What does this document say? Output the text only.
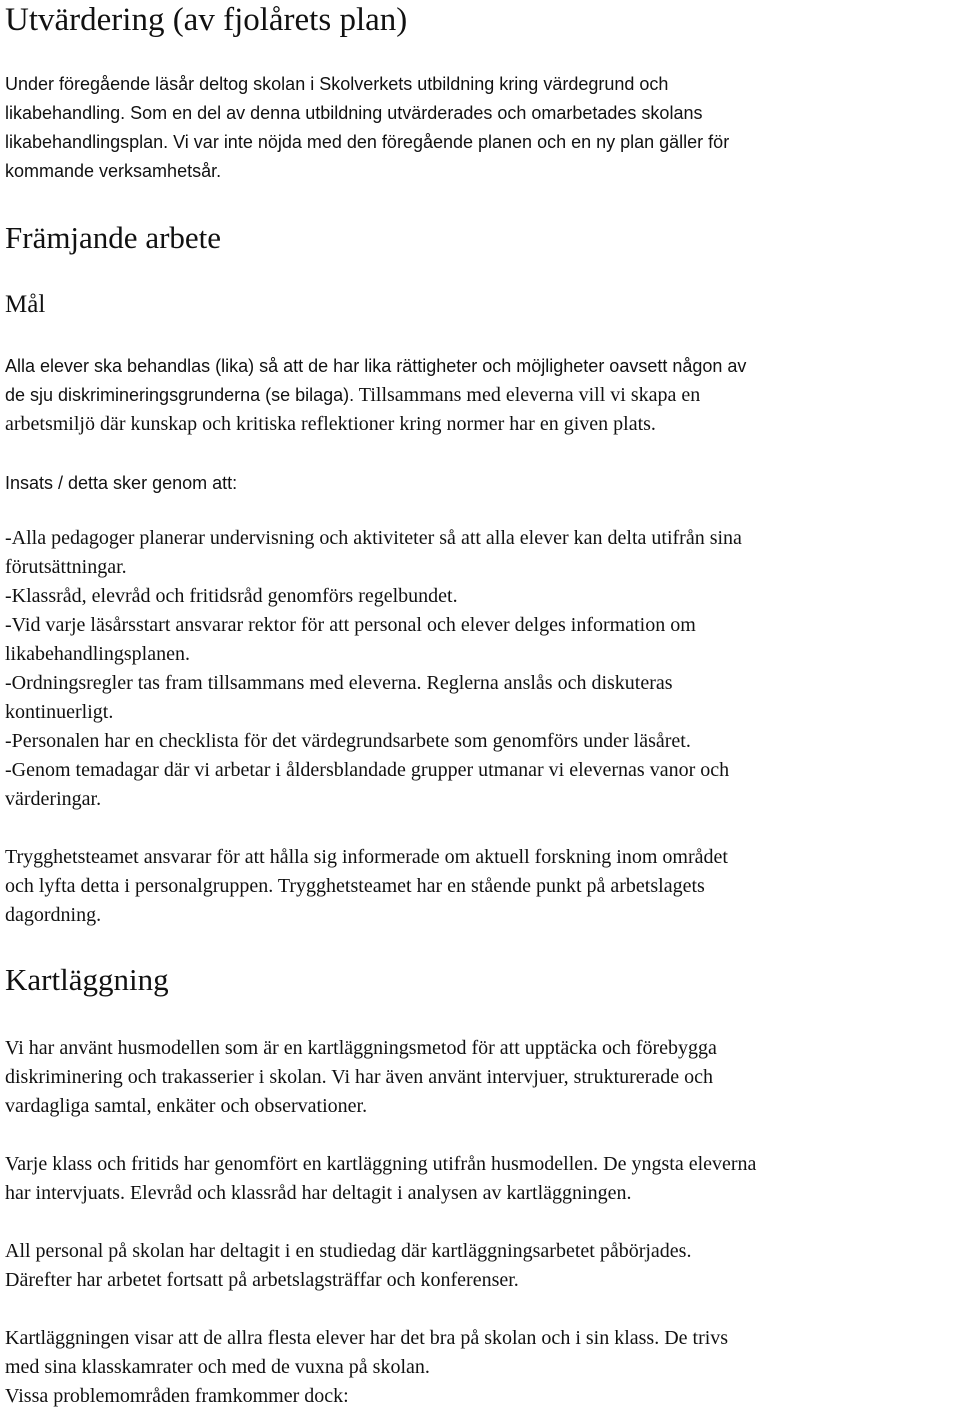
Utvärdering (av fjolårets plan)

Under föregående läsår deltog skolan i Skolverkets utbildning kring värdegrund och
likabehandling. Som en del av denna utbildning utvärderades och omarbetades skolans
likabehandlingsplan. Vi var inte nöjda med den föregående planen och en ny plan gäller för
kommande verksamhetsår.

Främjande arbete
Mål

Alla elever ska behandlas (lika) så att de har lika rättigheter och möjligheter oavsett någon av
de sju diskrimineringsgrunderna (se bilaga). Tillsammans med eleverna vill vi skapa en
arbetsmiljö där kunskap och kritiska reflektioner kring normer har en given plats.

Insats / detta sker genom att:

-Alla pedagoger planerar undervisning och aktiviteter så att alla elever kan delta utifrån sina
förutsättningar.
-Klassråd, elevråd och fritidsråd genomförs regelbundet.
-Vid varje läsårsstart ansvarar rektor för att personal och elever delges information om
likabehandlingsplanen.
-Ordningsregler tas fram tillsammans med eleverna. Reglerna anslås och diskuteras
kontinuerligt.
-Personalen har en checklista för det värdegrundsarbete som genomförs under läsåret.
-Genom temadagar där vi arbetar i åldersblandade grupper utmanar vi elevernas vanor och
värderingar.

Trygghetsteamet ansvarar för att hålla sig informerade om aktuell forskning inom området
och lyfta detta i personalgruppen. Trygghetsteamet har en stående punkt på arbetslagets
dagordning.

Kartläggning

Vi har använt husmodellen som är en kartläggningsmetod för att upptäcka och förebygga
diskriminering och trakasserier i skolan. Vi har även använt intervjuer, strukturerade och
vardagliga samtal, enkäter och observationer.

Varje klass och fritids har genomfört en kartläggning utifrån husmodellen. De yngsta eleverna
har intervjuats. Elevråd och klassråd har deltagit i analysen av kartläggningen.

All personal på skolan har deltagit i en studiedag där kartläggningsarbetet påbörjades.
Därefter har arbetet fortsatt på arbetslagsträffar och konferenser.

Kartläggningen visar att de allra flesta elever har det bra på skolan och i sin klass. De trivs
med sina klasskamrater och med de vuxna på skolan.
Vissa problemområden framkommer dock:
